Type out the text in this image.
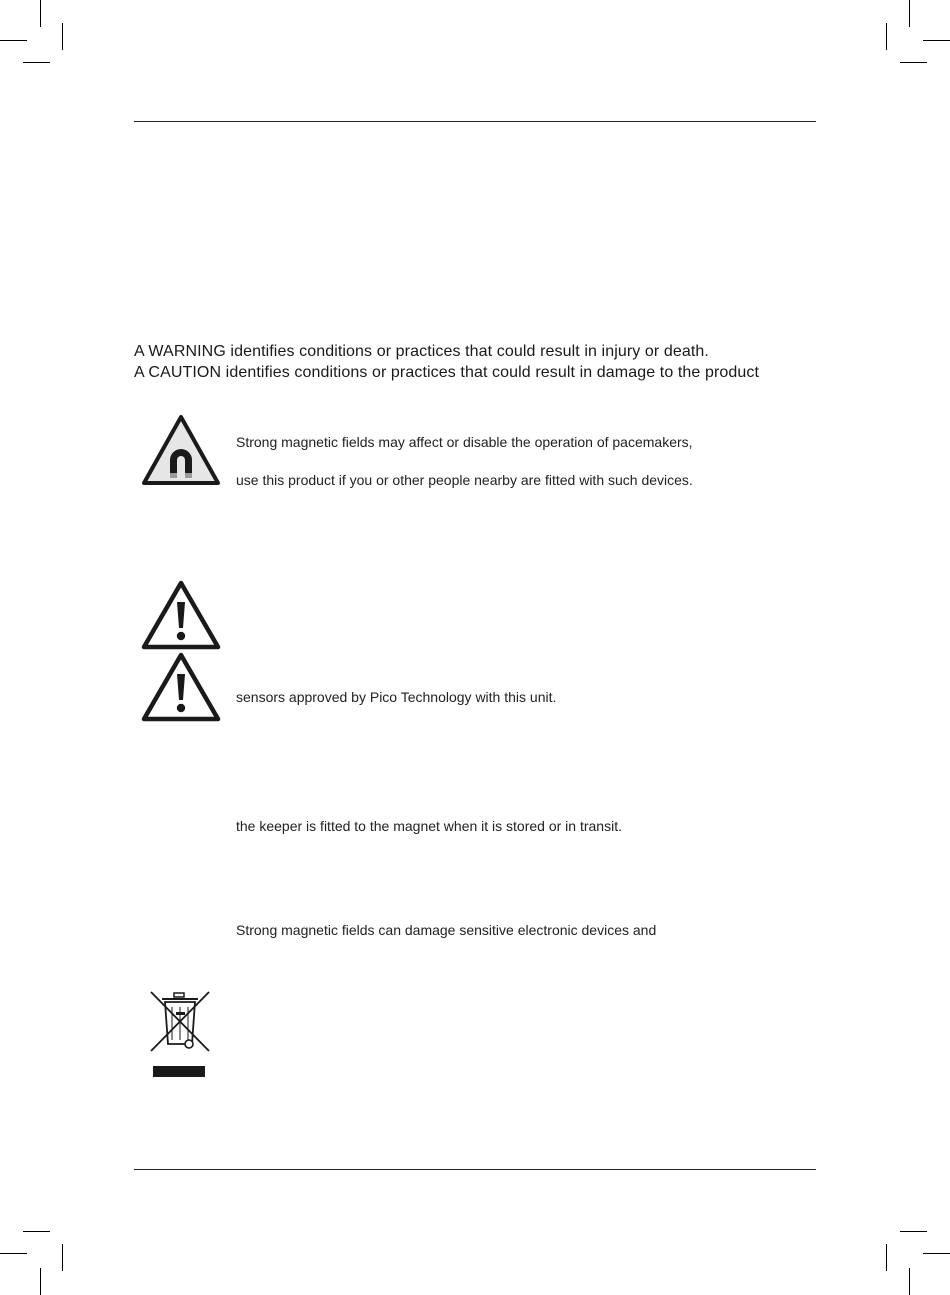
A WARNING identifies conditions or practices that could result in injury or death.
A CAUTION identifies conditions or practices that could result in damage to the product
Strong magnetic fields may affect or disable the operation of pacemakers,
use this product if you or other people nearby are fitted with such devices.
sensors approved by Pico Technology with this unit.
the keeper is fitted to the magnet when it is stored or in transit.
Strong magnetic fields can damage sensitive electronic devices and
